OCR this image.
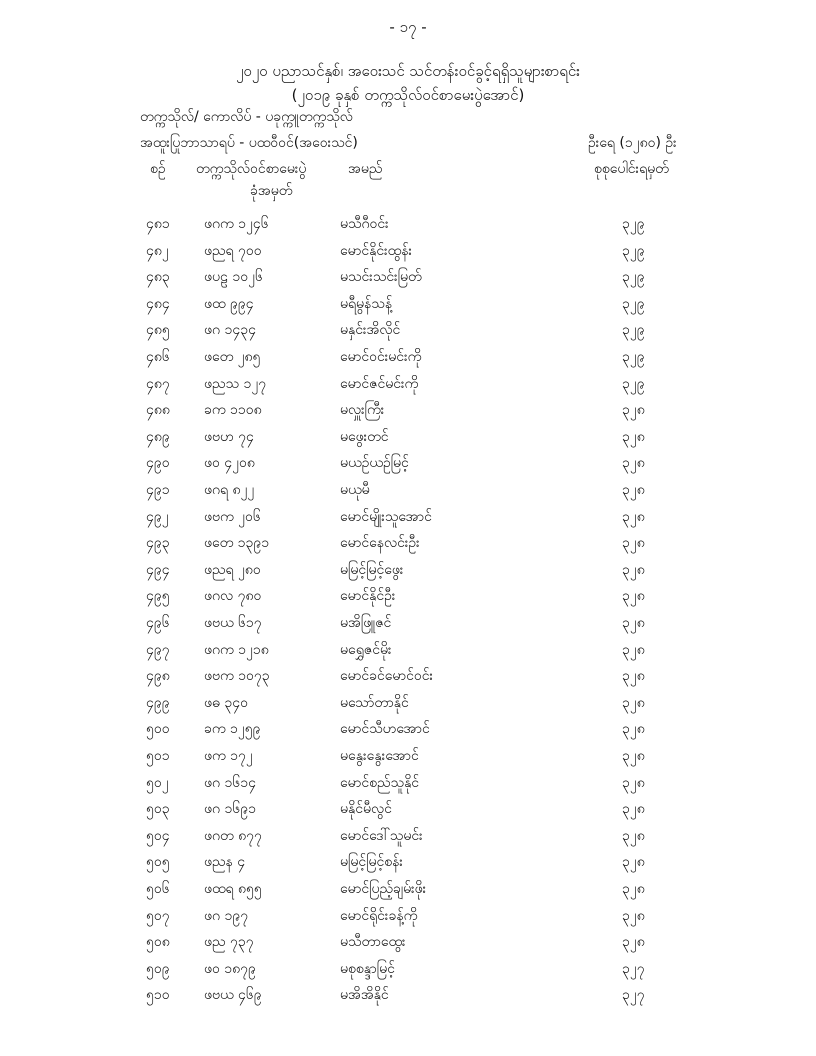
- ၁၇ -
၂၀၂၀ ပညာသင်နှစ်၊ အဝေးသင် သင်တန်းဝင်ခွင့်ရရှိသူများစာရင်း
(၂၀၁၉ ခုနှစ် တက္ကသိုလ်ဝင်စာမေးပွဲအောင်)
တက္ကသိုလ်/ ကောလိပ် - ပခုက္ကူတက္ကသိုလ်
အထူးပြုဘာသာရပ် - ပထဝီဝင်(အဝေးသင်)	ဦးရေ (၁၂၈၀) ဦး
စဉ် တက္ကသိုလ်ဝင်စာမေးပွဲ
ခုံအမှတ်
အမည်	စုစုပေါင်းရမှတ်
၄၈၁ ဖဂက ၁၂၄၆	မသီဂီဝင်း	၃၂၉
၄၈၂	ဖညရ ၇၀၀	မောင်နိုင်းထွန်း	၃၂၉
၄၈၃ ဖပဠ ၁၀၂၆	မသင်းသင်းမြတ်	၃၂၉
၄၈၄ ဖထ ၉၉၄	မရီမွန်သန့်	၃၂၉
၄၈၅ ဖဂ ၁၄၃၄	မနှင်းအိလိုင်	၃၂၉
၄၈၆ ဖတေ ၂၈၅	မောင်ဝင်းမင်းကို	၃၂၉
၄၈၇ ဖညသ ၁၂၇	မောင်ဇင်မင်းကို	၃၂၉
၄၈၈ ခက ၁၁၀၈	မလှူးကြီး	၃၂၈
၄၈၉ ဖဗဟ ၇၄	မဖွေးတင်	၃၂၈
၄၉၀ ဖဝ ၄၂၀၈	မယဉ်ယဉ်မြင့်	၃၂၈
၄၉၁ ဖဂရ ၈၂၂	မယုမီ	၃၂၈
၄၉၂	ဖဗက ၂၀၆	မောင်မျိုးသူအောင်	၃၂၈
၄၉၃ ဖတေ ၁၃၉၁	မောင်နေလင်းဦး	၃၂၈
၄၉၄ ဖညရ ၂၈၀	မမြင့်မြင့်ဖွေး	၃၂၈
၄၉၅ ဖဂလ ၇၈၀	မောင်နိုင်ဦး	၃၂၈
၄၉၆ ဖဗယ ၆၁၇	မအိဖြူဇင်	၃၂၈
၄၉၇ ဖဂက ၁၂၁၈	မရွှေဇင်မိုး	၃၂၈
၄၉၈ ဖဗက ၁၀၇၃	မောင်ခင်မောင်ဝင်း	၃၂၈
၄၉၉ ဖဓ ၃၄၀	မသော်တာနိုင်	၃၂၈
၅၀၀ ခက ၁၂၅၉	မောင်သီဟအောင်	၃၂၈
၅၀၁ ဖက ၁၇၂	မနွေးနွေးအောင်	၃၂၈
၅၀၂	ဖဂ ၁၆၁၄	မောင်စည်သူနိုင်	၃၂၈
၅၀၃ ဖဂ ၁၆၉၁	မနိုင်မီလွင်	၃၂၈
၅၀၄ ဖဂတ ၈၇၇	မောင်ဒေါ်သူမင်း	၃၂၈
၅၀၅ ဖညန ၄	မမြင့်မြင့်စန်း	၃၂၈
၅၀၆ ဖထရ ၈၅၅	မောင်ပြည့်ချမ်းဖိုး	၃၂၈
၅၀၇ ဖဂ ၁၉၇	မောင်ရိုင်းခန့်ကို	၃၂၈
၅၀၈ ဖည ၇၃၇	မသီတာထွေး	၃၂၈
၅၀၉ ဖဝ ၁၈၇၉	မစုစန္ဒာမြင့်	၃၂၇
၅၁၀ ဖဗယ ၄၆၉	မအိအိနိုင်	၃၂၇
